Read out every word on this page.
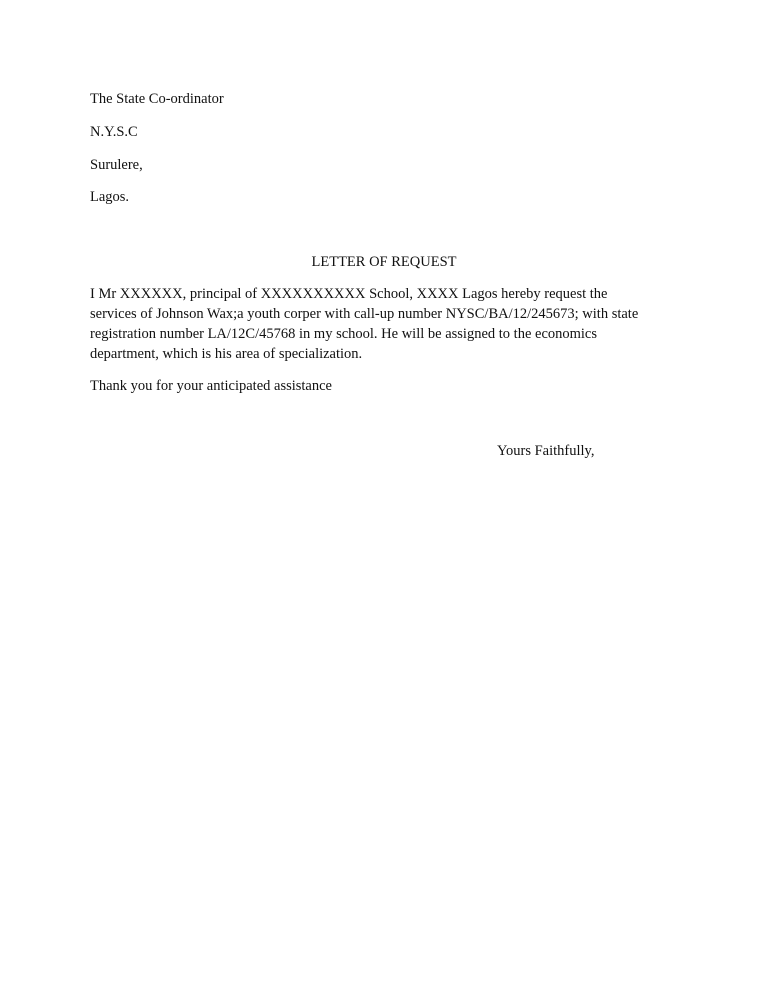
The State Co-ordinator
N.Y.S.C
Surulere,
Lagos.
LETTER OF REQUEST
I Mr XXXXXX, principal of XXXXXXXXXX School, XXXX Lagos hereby request the
services of Johnson Wax;a youth corper with call-up number NYSC/BA/12/245673; with state
registration number LA/12C/45768 in my school. He will be assigned to the economics
department, which is his area of specialization.
Thank you for your anticipated assistance
Yours Faithfully,
